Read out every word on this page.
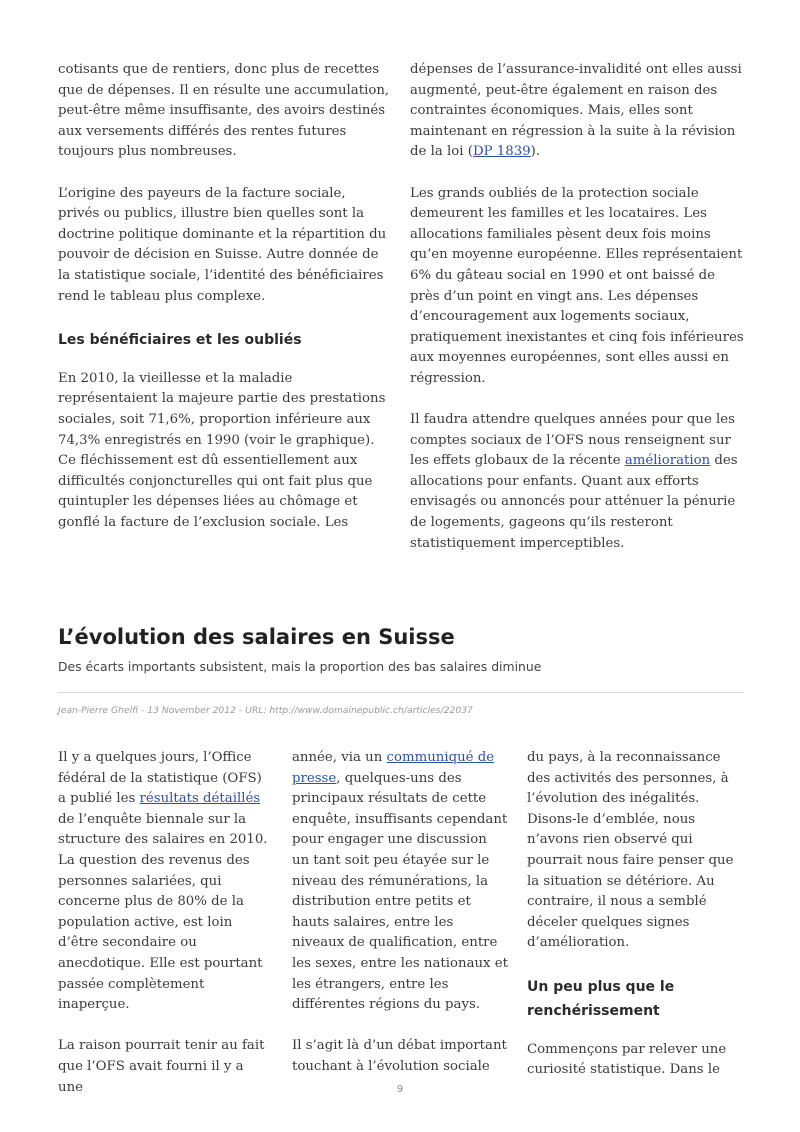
cotisants que de rentiers, donc plus de recettes que de dépenses. Il en résulte une accumulation, peut-être même insuffisante, des avoirs destinés aux versements différés des rentes futures toujours plus nombreuses.

L’origine des payeurs de la facture sociale, privés ou publics, illustre bien quelles sont la doctrine politique dominante et la répartition du pouvoir de décision en Suisse. Autre donnée de la statistique sociale, l’identité des bénéficiaires rend le tableau plus complexe.

Les bénéficiaires et les oubliés

En 2010, la vieillesse et la maladie représentaient la majeure partie des prestations sociales, soit 71,6%, proportion inférieure aux 74,3% enregistrés en 1990 (voir le graphique). Ce fléchissement est dû essentiellement aux difficultés conjoncturelles qui ont fait plus que quintupler les dépenses liées au chômage et gonflé la facture de l’exclusion sociale. Les

dépenses de l’assurance-invalidité ont elles aussi augmenté, peut-être également en raison des contraintes économiques. Mais, elles sont maintenant en régression à la suite à la révision de la loi (DP 1839).

Les grands oubliés de la protection sociale demeurent les familles et les locataires. Les allocations familiales pèsent deux fois moins qu’en moyenne européenne. Elles représentaient 6% du gâteau social en 1990 et ont baissé de près d’un point en vingt ans. Les dépenses d’encouragement aux logements sociaux, pratiquement inexistantes et cinq fois inférieures aux moyennes européennes, sont elles aussi en régression.

Il faudra attendre quelques années pour que les comptes sociaux de l’OFS nous renseignent sur les effets globaux de la récente amélioration des allocations pour enfants. Quant aux efforts envisagés ou annoncés pour atténuer la pénurie de logements, gageons qu’ils resteront statistiquement imperceptibles.

L’évolution des salaires en Suisse
Des écarts importants subsistent, mais la proportion des bas salaires diminue
Jean-Pierre Ghelfi - 13 November 2012 - URL: http://www.domainepublic.ch/articles/22037

Il y a quelques jours, l’Office fédéral de la statistique (OFS) a publié les résultats détaillés de l’enquête biennale sur la structure des salaires en 2010. La question des revenus des personnes salariées, qui concerne plus de 80% de la population active, est loin d’être secondaire ou anecdotique. Elle est pourtant passée complètement inaperçue.

La raison pourrait tenir au fait que l’OFS avait fourni il y a une

année, via un communiqué de presse, quelques-uns des principaux résultats de cette enquête, insuffisants cependant pour engager une discussion un tant soit peu étayée sur le niveau des rémunérations, la distribution entre petits et hauts salaires, entre les niveaux de qualification, entre les sexes, entre les nationaux et les étrangers, entre les différentes régions du pays.

Il s’agit là d’un débat important touchant à l’évolution sociale

du pays, à la reconnaissance des activités des personnes, à l’évolution des inégalités. Disons-le d’emblée, nous n’avons rien observé qui pourrait nous faire penser que la situation se détériore. Au contraire, il nous a semblé déceler quelques signes d’amélioration.

Un peu plus que le renchérissement

Commençons par relever une curiosité statistique. Dans le

9
